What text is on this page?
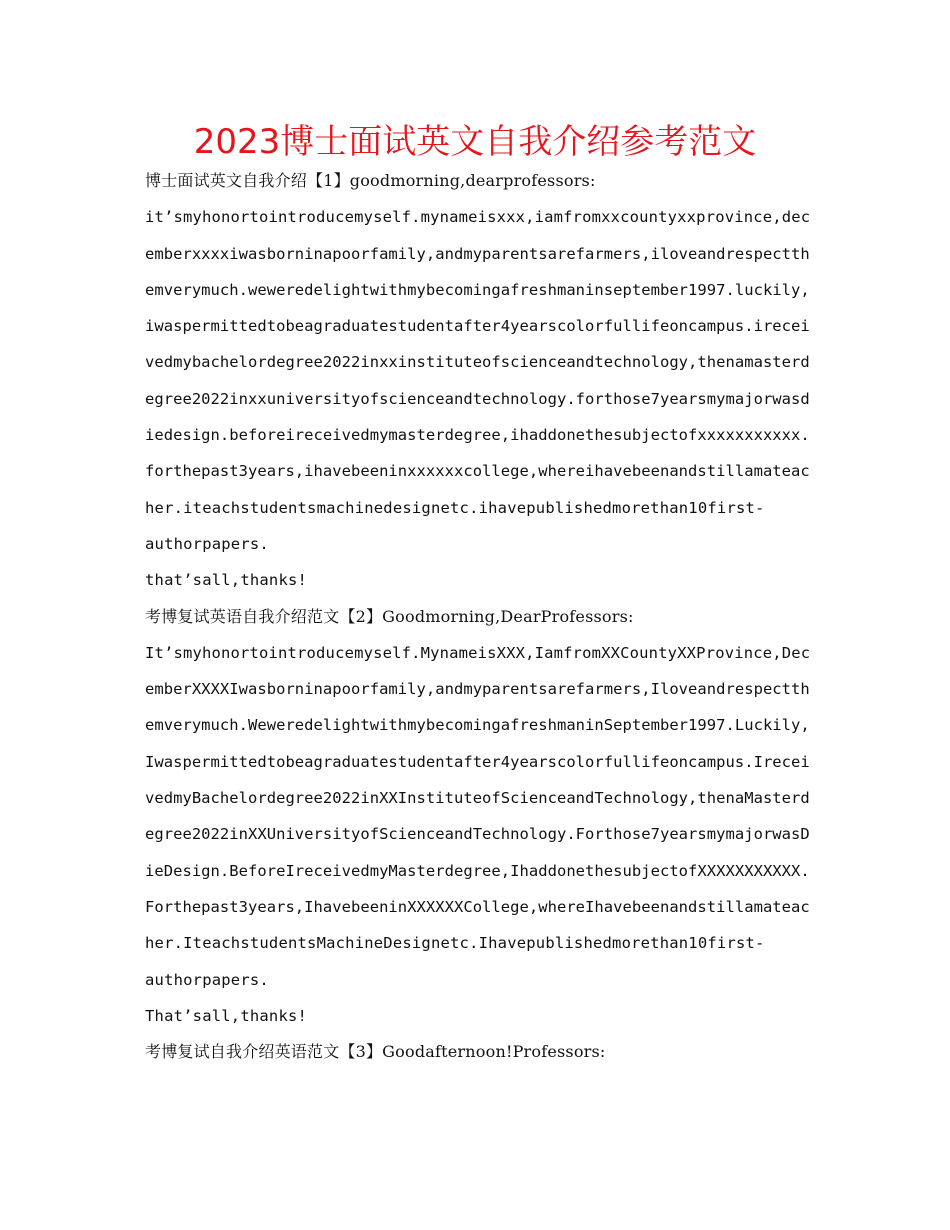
2023博士面试英文自我介绍参考范文
博士面试英文自我介绍【1】goodmorning,dearprofessors:
it’smyhonortointroducemyself.mynameisxxx,iamfromxxcountyxxprovince,dec
emberxxxxiwasborninapoorfamily,andmyparentsarefarmers,iloveandrespectth
emverymuch.weweredelightwithmybecomingafreshmaninseptember1997.luckily,
iwaspermittedtobeagraduatestudentafter4yearscolorfullifeoncampus.irecei
vedmybachelordegree2022inxxinstituteofscienceandtechnology,thenamasterd
egree2022inxxuniversityofscienceandtechnology.forthose7yearsmymajorwasd
iedesign.beforeireceivedmymasterdegree,ihaddonethesubjectofxxxxxxxxxxx.
forthepast3years,ihavebeeninxxxxxxcollege,whereihavebeenandstillamateac
her.iteachstudentsmachinedesignetc.ihavepublishedmorethan10first-
authorpapers.
that’sall,thanks!
考博复试英语自我介绍范文【2】Goodmorning,DearProfessors:
It’smyhonortointroducemyself.MynameisXXX,IamfromXXCountyXXProvince,Dec
emberXXXXIwasborninapoorfamily,andmyparentsarefarmers,Iloveandrespectth
emverymuch.WeweredelightwithmybecomingafreshmaninSeptember1997.Luckily,
Iwaspermittedtobeagraduatestudentafter4yearscolorfullifeoncampus.Irecei
vedmyBachelordegree2022inXXInstituteofScienceandTechnology,thenaMasterd
egree2022inXXUniversityofScienceandTechnology.Forthose7yearsmymajorwasD
ieDesign.BeforeIreceivedmyMasterdegree,IhaddonethesubjectofXXXXXXXXXXX.
Forthepast3years,IhavebeeninXXXXXXCollege,whereIhavebeenandstillamateac
her.IteachstudentsMachineDesignetc.Ihavepublishedmorethan10first-
authorpapers.
That’sall,thanks!
考博复试自我介绍英语范文【3】Goodafternoon!Professors:
